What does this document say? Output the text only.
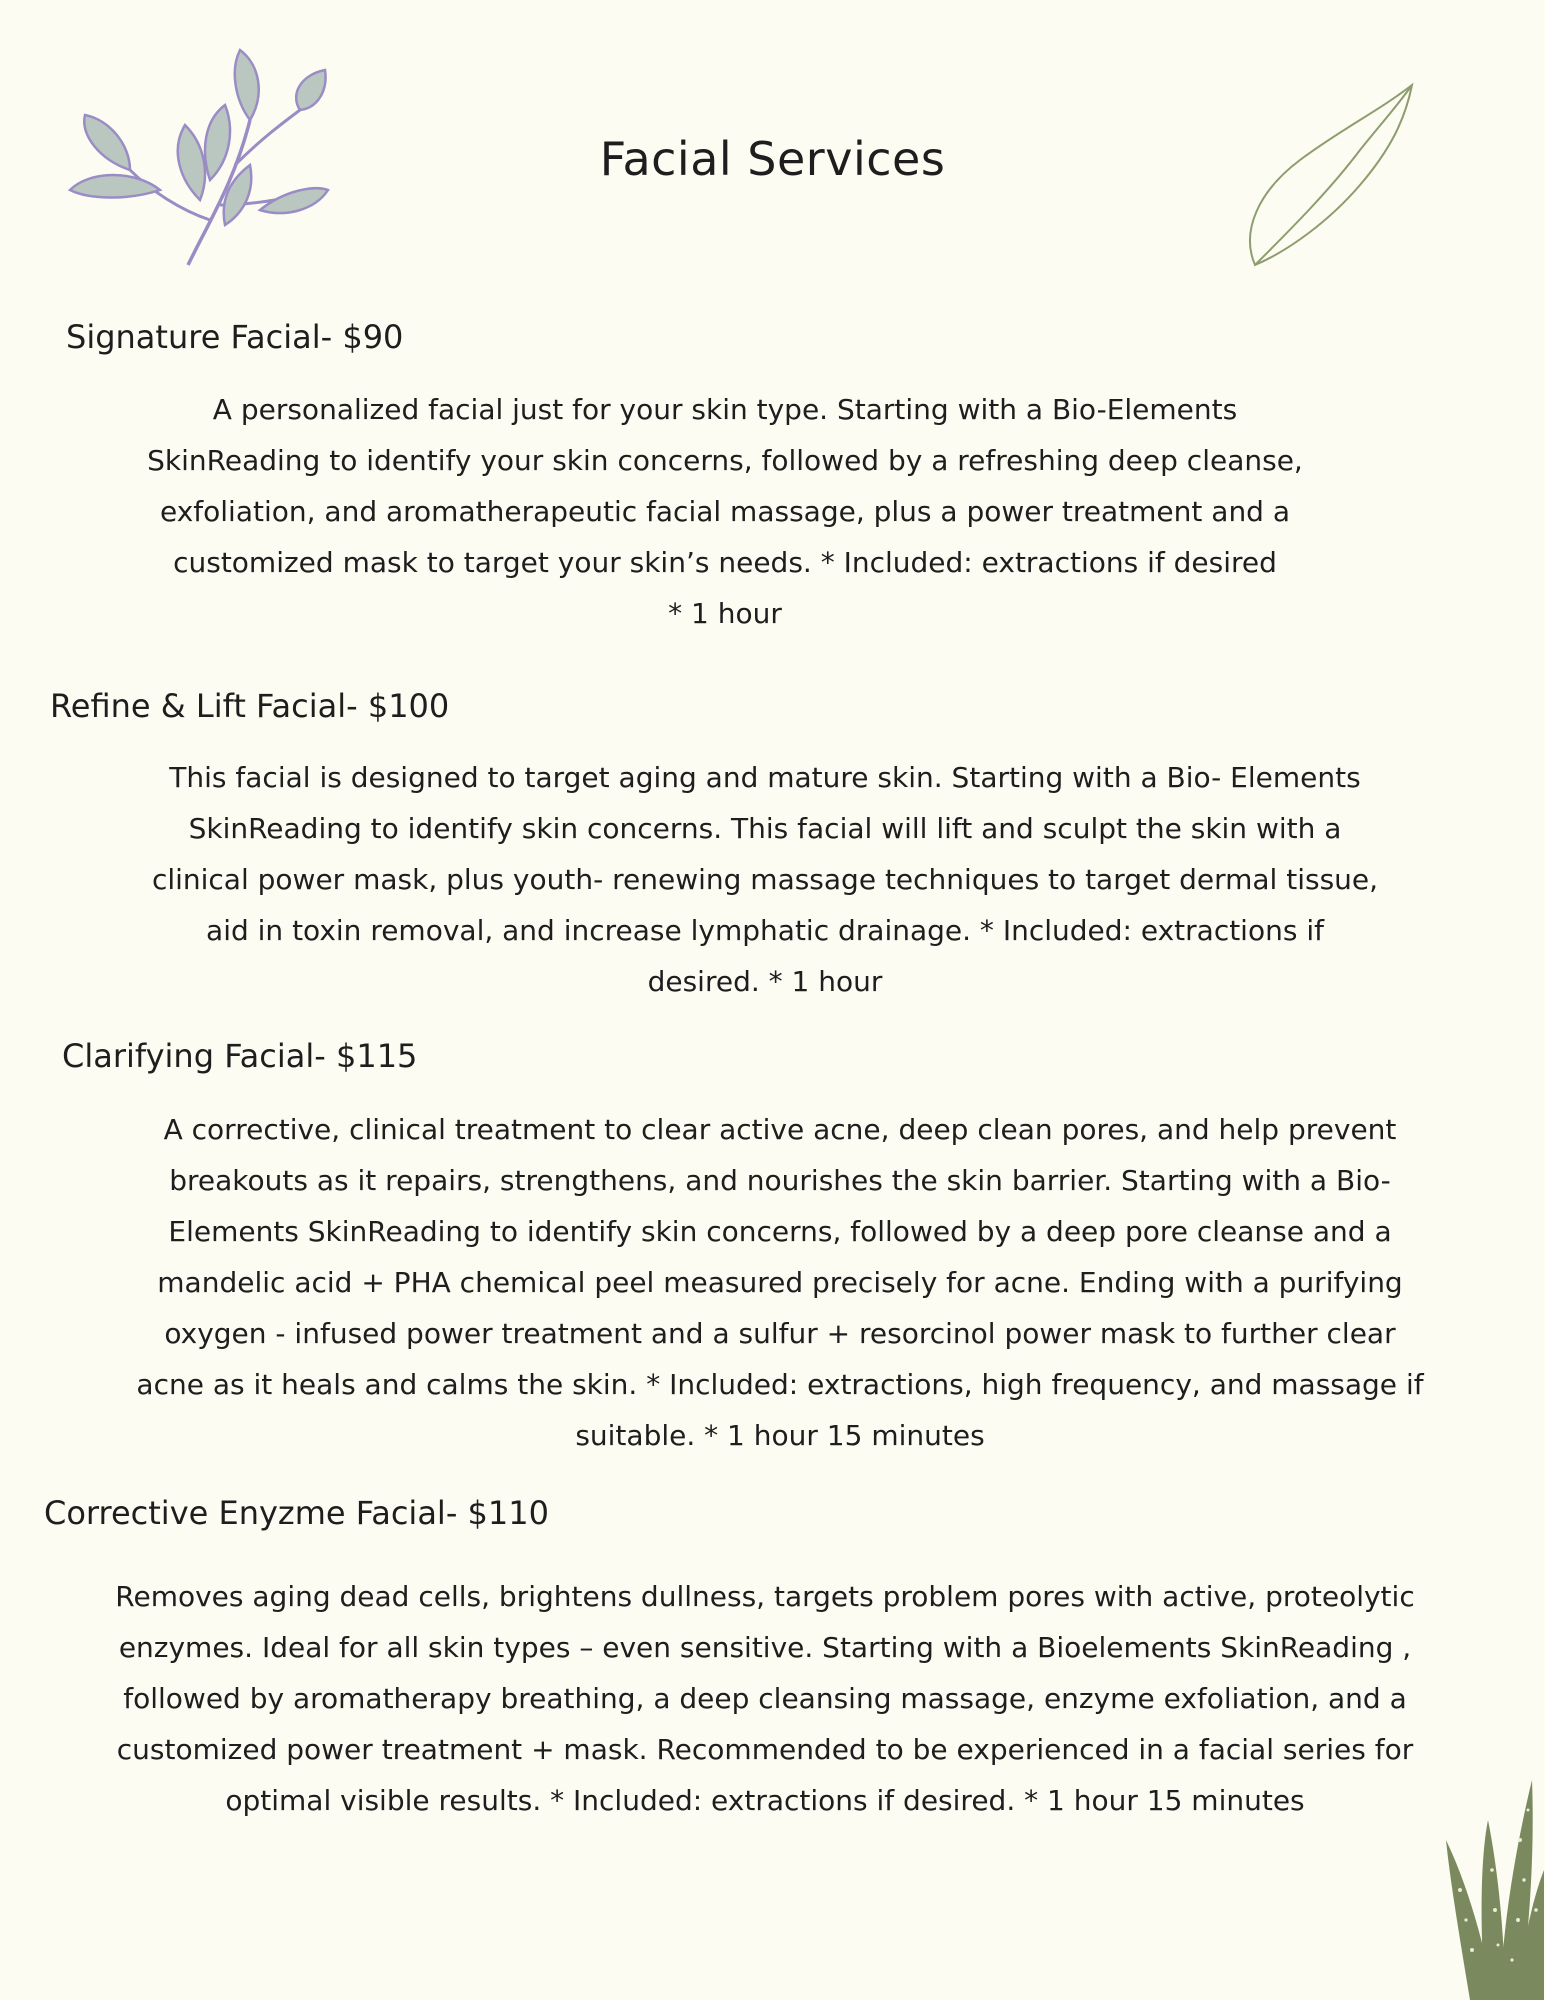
Facial Services
Signature Facial- $90

A personalized facial just for your skin type. Starting with a Bio-Elements
SkinReading to identify your skin concerns, followed by a refreshing deep cleanse,
exfoliation, and aromatherapeutic facial massage, plus a power treatment and a
customized mask to target your skin’s needs. * Included: extractions if desired
* 1 hour

Refine & Lift Facial- $100

This facial is designed to target aging and mature skin. Starting with a Bio- Elements
SkinReading to identify skin concerns. This facial will lift and sculpt the skin with a
clinical power mask, plus youth- renewing massage techniques to target dermal tissue,
aid in toxin removal, and increase lymphatic drainage. * Included: extractions if
desired. * 1 hour

Clarifying Facial- $115

A corrective, clinical treatment to clear active acne, deep clean pores, and help prevent
breakouts as it repairs, strengthens, and nourishes the skin barrier. Starting with a Bio-
Elements SkinReading to identify skin concerns, followed by a deep pore cleanse and a
mandelic acid + PHA chemical peel measured precisely for acne. Ending with a purifying
oxygen - infused power treatment and a sulfur + resorcinol power mask to further clear
acne as it heals and calms the skin. * Included: extractions, high frequency, and massage if
suitable. * 1 hour 15 minutes

Corrective Enyzme Facial- $110

Removes aging dead cells, brightens dullness, targets problem pores with active, proteolytic
enzymes. Ideal for all skin types – even sensitive. Starting with a Bioelements SkinReading ,
followed by aromatherapy breathing, a deep cleansing massage, enzyme exfoliation, and a
customized power treatment + mask. Recommended to be experienced in a facial series for
optimal visible results. * Included: extractions if desired. * 1 hour 15 minutes
